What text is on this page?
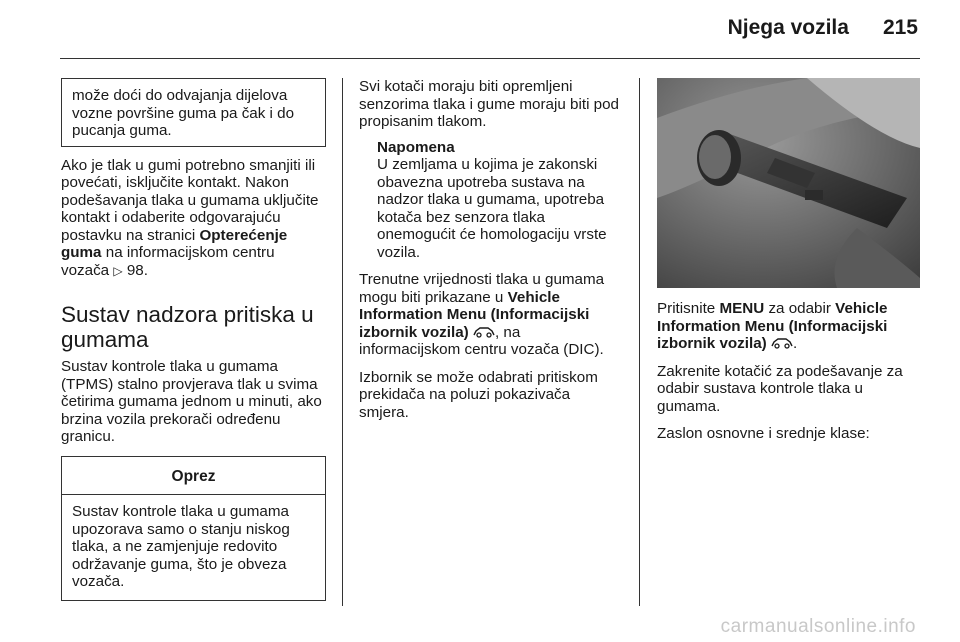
Njega vozila 215

može doći do odvajanja dijelova vozne površine guma pa čak i do pucanja guma.

Ako je tlak u gumi potrebno smanjiti ili povećati, isključite kontakt. Nakon podešavanja tlaka u gumama uključite kontakt i odaberite odgovarajuću postavku na stranici Opterećenje guma na informacijskom centru vozača ▷ 98.

Sustav nadzora pritiska u gumama

Sustav kontrole tlaka u gumama (TPMS) stalno provjerava tlak u svima četirima gumama jednom u minuti, ako brzina vozila prekorači određenu granicu.

Oprez
Sustav kontrole tlaka u gumama upozorava samo o stanju niskog tlaka, a ne zamjenjuje redovito održavanje guma, što je obveza vozača.

Svi kotači moraju biti opremljeni senzorima tlaka i gume moraju biti pod propisanim tlakom.

Napomena

U zemljama u kojima je zakonski obavezna upotreba sustava na nadzor tlaka u gumama, upotreba kotača bez senzora tlaka onemogućit će homologaciju vrste vozila.

Trenutne vrijednosti tlaka u gumama mogu biti prikazane u Vehicle Information Menu (Informacijski izbornik vozila) , na informacijskom centru vozača (DIC).

Izbornik se može odabrati pritiskom prekidača na poluzi pokazivača smjera.

Pritisnite MENU za odabir Vehicle Information Menu (Informacijski izbornik vozila) .

Zakrenite kotačić za podešavanje za odabir sustava kontrole tlaka u gumama.

Zaslon osnovne i srednje klase:

carmanualsonline.info
